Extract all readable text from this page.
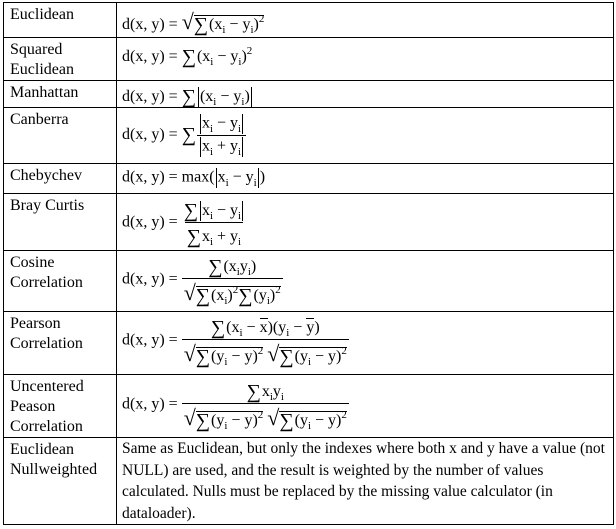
Euclidean	d(x, $y) = √\sum(x_i - y_i)^2$

Squared Euclidean	d(x, $y) = \sum(x_i - y_i)^2$

Manhattan	d(x, y) = ∑ $(x_i - y_i)$

Canberra	d(x, y) = ∑ $\frac{x_i - y_i}{x_i + y_i}$

Chebychev	d(x, y) = max( $x_i - y_i$ )

Bray Curtis	d(x, $y) = \frac{\sum x_i - y_i}{\sum x_i + y_i}$

Cosine Correlation	d(x, $y) = \frac{\sum(x_iy_i)}{√\sum(x_i)^2\sum(y_i)^2}$

Pearson Correlation	d(x, $y) = \frac{\sum(x_i - x)(y_i - y)}{√\sum(y_i - y)^2 √\sum(y_i - y)^2}$

Uncentered Peason Correlation	d(x, $y) = \frac{\sum x_iy_i}{√\sum(y_i - y)^2 √\sum(y_i - y)^2}$

Euclidean Nullweighted	Same as Euclidean, but only the indexes where both x and y have a value (not NULL) are used, and the result is weighted by the number of values calculated. Nulls must be replaced by the missing value calculator (in dataloader).
